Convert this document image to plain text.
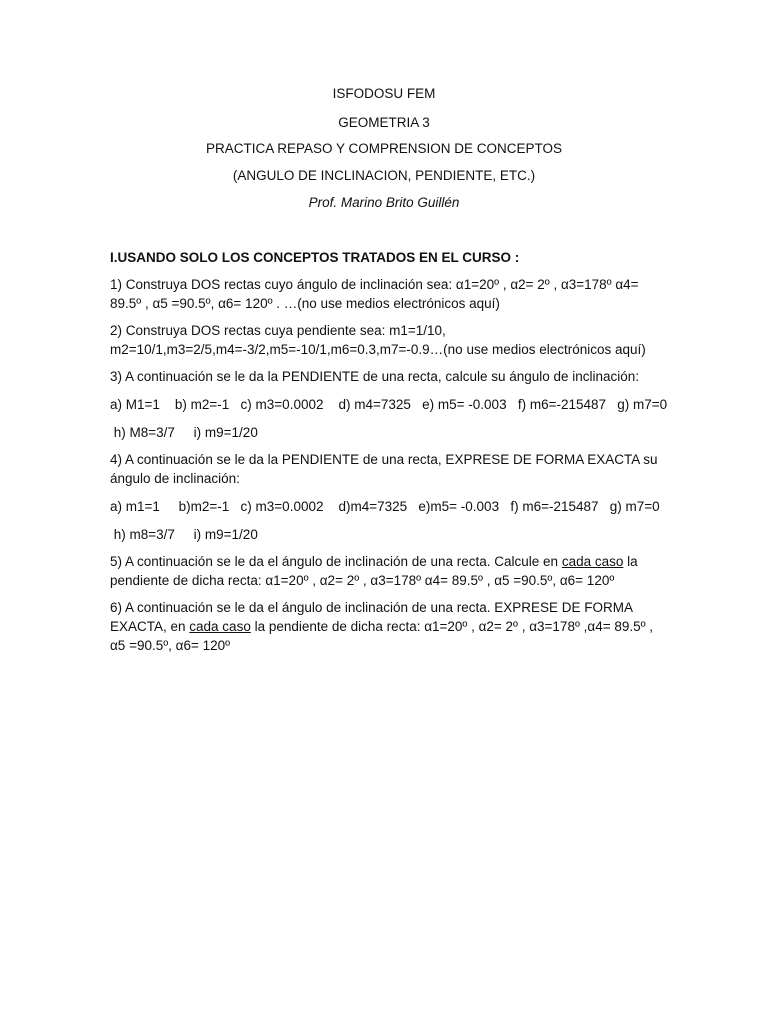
ISFODOSU FEM
GEOMETRIA 3
PRACTICA REPASO Y COMPRENSION DE CONCEPTOS
(ANGULO DE INCLINACION, PENDIENTE, ETC.)
Prof. Marino Brito Guillén

I.USANDO SOLO LOS CONCEPTOS TRATADOS EN EL CURSO :

1) Construya DOS rectas cuyo ángulo de inclinación sea: α1=20º , α2= 2º , α3=178º α4= 89.5º , α5 =90.5º, α6= 120º . …(no use medios electrónicos aquí)

2) Construya DOS rectas cuya pendiente sea: m1=1/10, m2=10/1,m3=2/5,m4=-3/2,m5=-10/1,m6=0.3,m7=-0.9…(no use medios electrónicos aquí)

3) A continuación se le da la PENDIENTE de una recta, calcule su ángulo de inclinación:

a) M1=1    b) m2=-1   c) m3=0.0002    d) m4=7325   e) m5= -0.003   f) m6=-215487   g) m7=0

h) M8=3/7     i) m9=1/20

4) A continuación se le da la PENDIENTE de una recta, EXPRESE DE FORMA EXACTA su ángulo de inclinación:

a) m1=1     b)m2=-1   c) m3=0.0002    d)m4=7325   e)m5= -0.003   f) m6=-215487   g) m7=0

h) m8=3/7     i) m9=1/20

5) A continuación se le da el ángulo de inclinación de una recta. Calcule en cada caso la pendiente de dicha recta: α1=20º , α2= 2º , α3=178º α4= 89.5º , α5 =90.5º, α6= 120º

6) A continuación se le da el ángulo de inclinación de una recta. EXPRESE DE FORMA EXACTA, en cada caso la pendiente de dicha recta: α1=20º , α2= 2º , α3=178º ,α4= 89.5º , α5 =90.5º, α6= 120º
